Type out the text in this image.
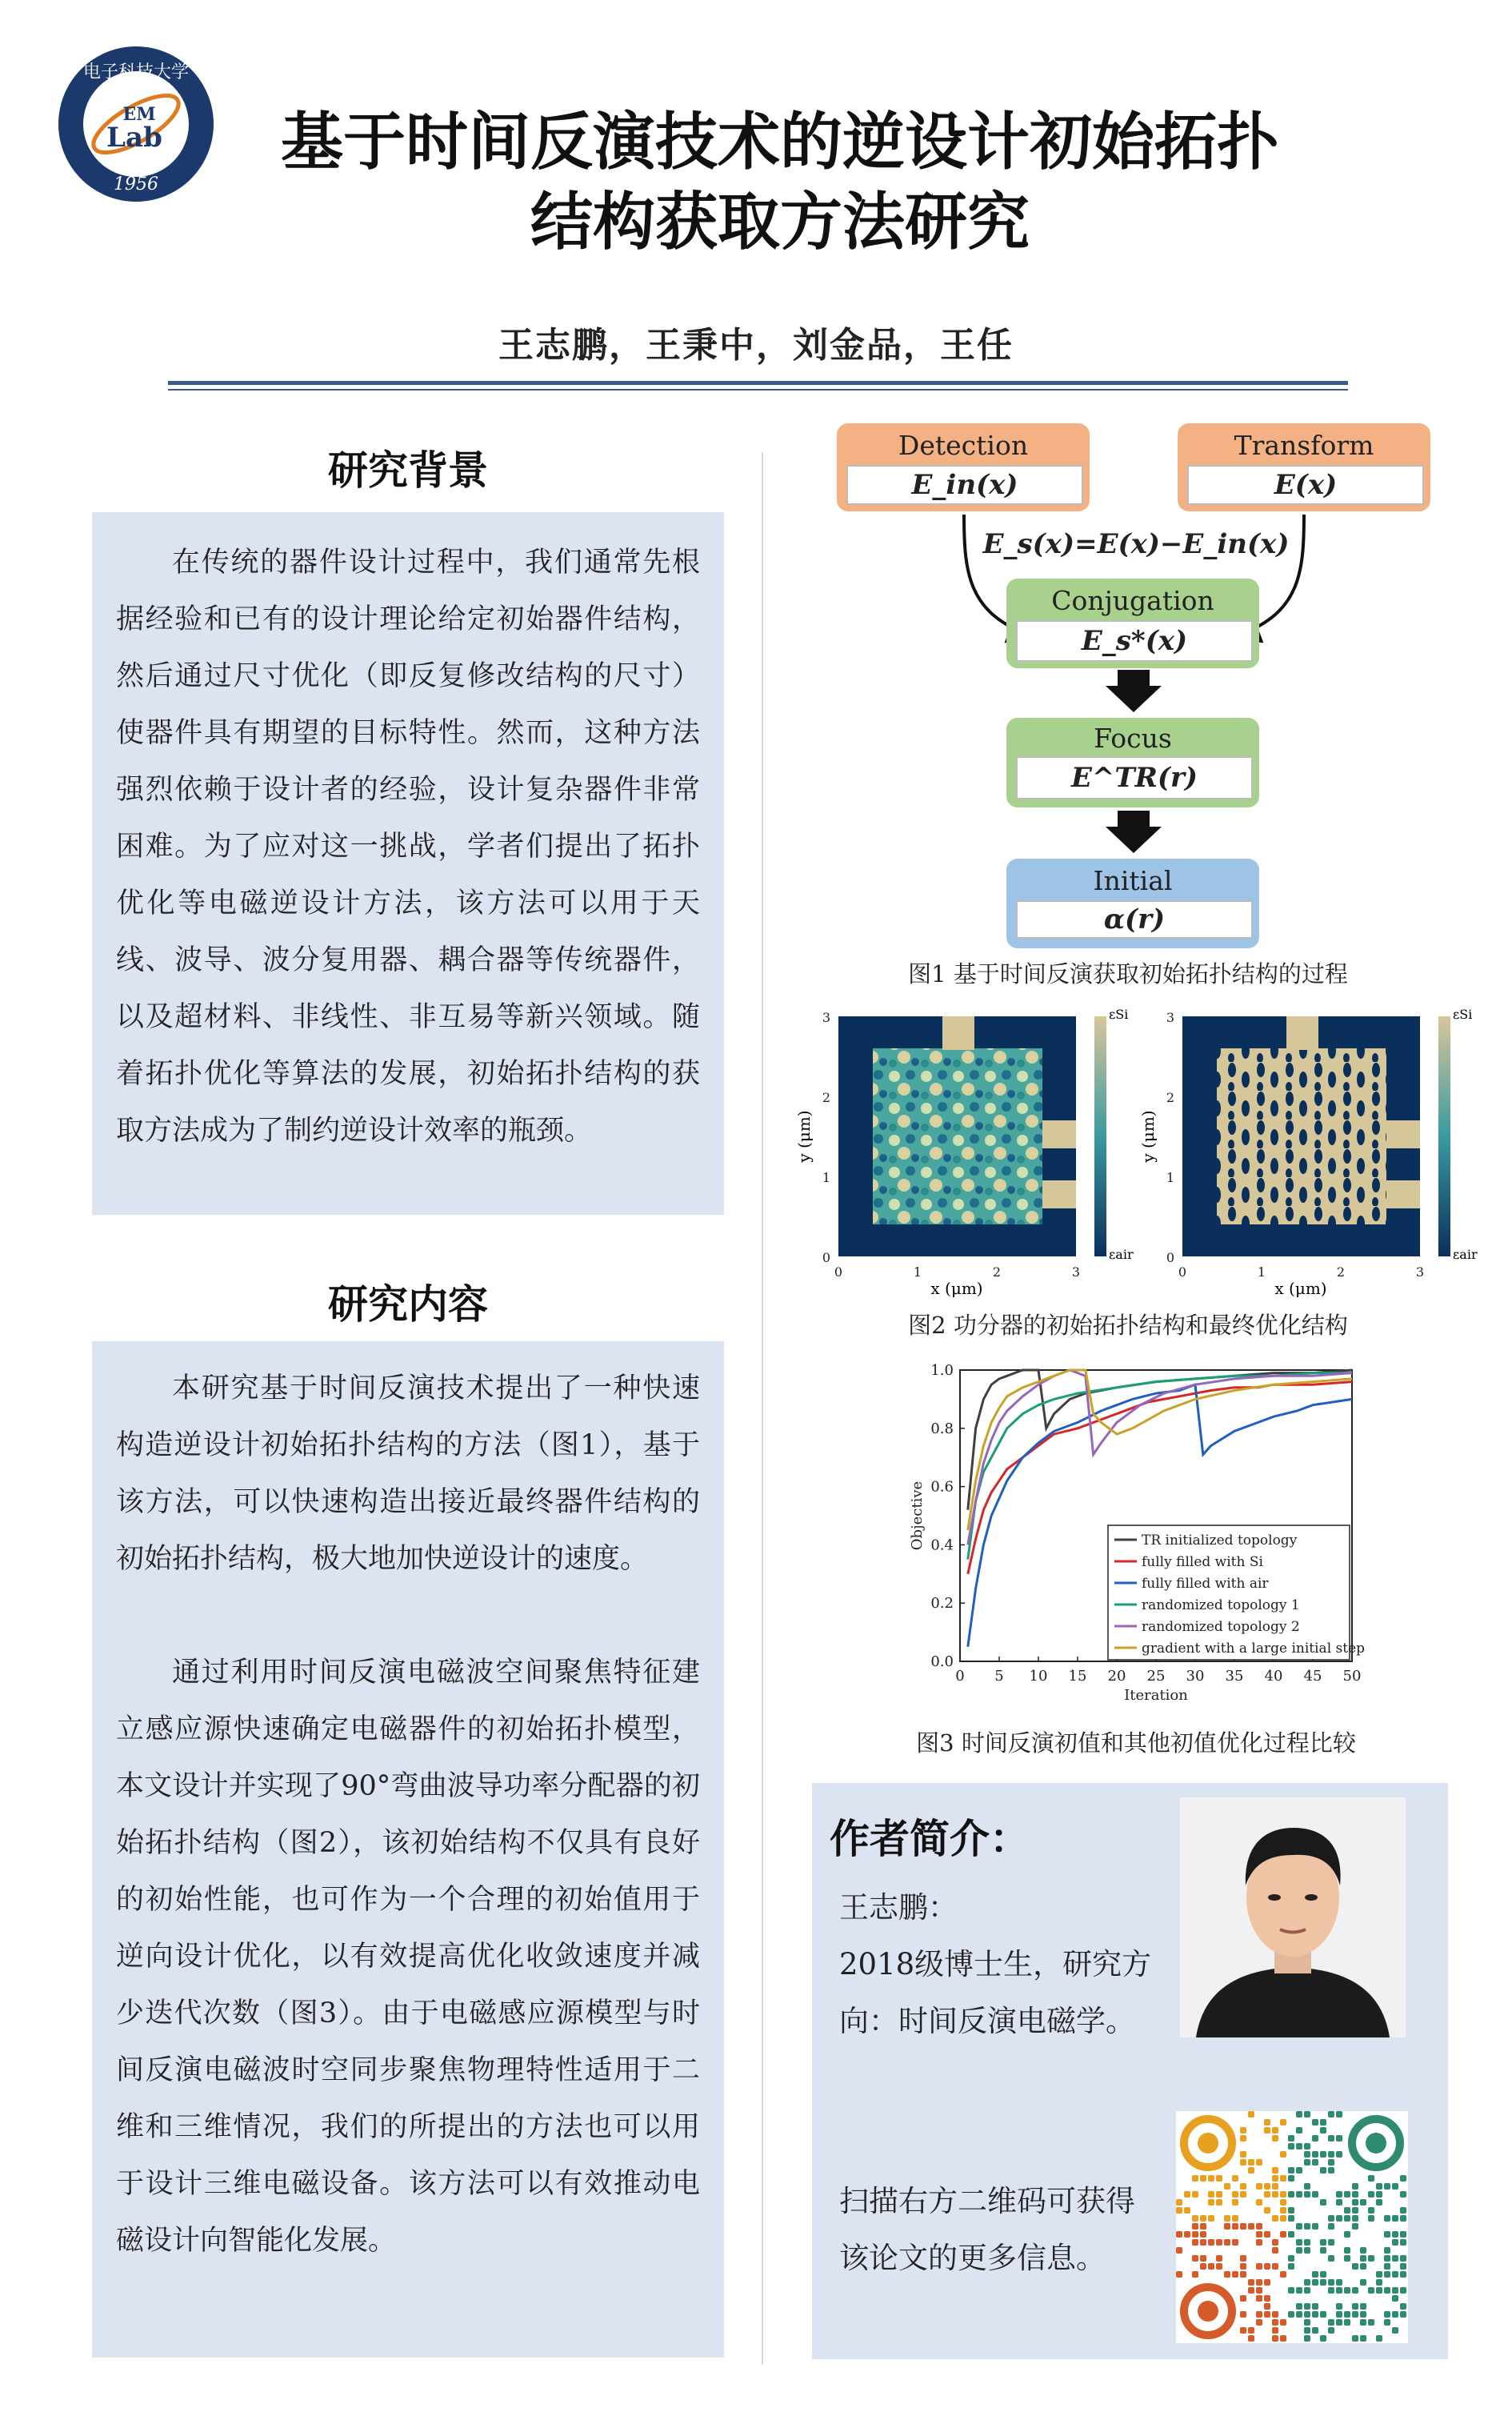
电子科技大学
EM
Lab
1956
基于时间反演技术的逆设计初始拓扑
结构获取方法研究
王志鹏，王秉中，刘金品，王任
研究背景

在传统的器件设计过程中，我们通常先根据经验和已有的设计理论给定初始器件结构，然后通过尺寸优化（即反复修改结构的尺寸）使器件具有期望的目标特性。然而，这种方法强烈依赖于设计者的经验，设计复杂器件非常困难。为了应对这一挑战，学者们提出了拓扑优化等电磁逆设计方法，该方法可以用于天线、波导、波分复用器、耦合器等传统器件，以及超材料、非线性、非互易等新兴领域。随着拓扑优化等算法的发展，初始拓扑结构的获取方法成为了制约逆设计效率的瓶颈。

研究内容

本研究基于时间反演技术提出了一种快速构造逆设计初始拓扑结构的方法（图1），基于该方法，可以快速构造出接近最终器件结构的初始拓扑结构，极大地加快逆设计的速度。

通过利用时间反演电磁波空间聚焦特征建立感应源快速确定电磁器件的初始拓扑模型，本文设计并实现了90°弯曲波导功率分配器的初始拓扑结构（图2），该初始结构不仅具有良好的初始性能，也可作为一个合理的初始值用于逆向设计优化，以有效提高优化收敛速度并减少迭代次数（图3）。由于电磁感应源模型与时间反演电磁波时空同步聚焦物理特性适用于二维和三维情况，我们的所提出的方法也可以用于设计三维电磁设备。该方法可以有效推动电磁设计向智能化发展。

Detection
E_in(x)
Transform
E(x)
E_s(x)=E(x)−E_in(x)
Conjugation
E_s*(x)
Focus
E^TR(r)
Initial
α(r)
图1 基于时间反演获取初始拓扑结构的过程
0
1
2
3
0	1	2	3
y (μm)
x (μm)
εSi
εair	0
1
2
3
0	1	2	3
y (μm)
x (μm)
εSi
εair
图2 功分器的初始拓扑结构和最终优化结构
0 5 10 15 20 25 30 35 40 45 50
0.0
0.2
0.4
0.6
0.8
1.0
Iteration
Objective	TR initialized topology
fully filled with Si
fully filled with air
randomized topology 1
randomized topology 2
gradient with a large initial step
图3 时间反演初值和其他初值优化过程比较
作者简介：
王志鹏：
2018级博士生，研究方
向：时间反演电磁学。
扫描右方二维码可获得
该论文的更多信息。
